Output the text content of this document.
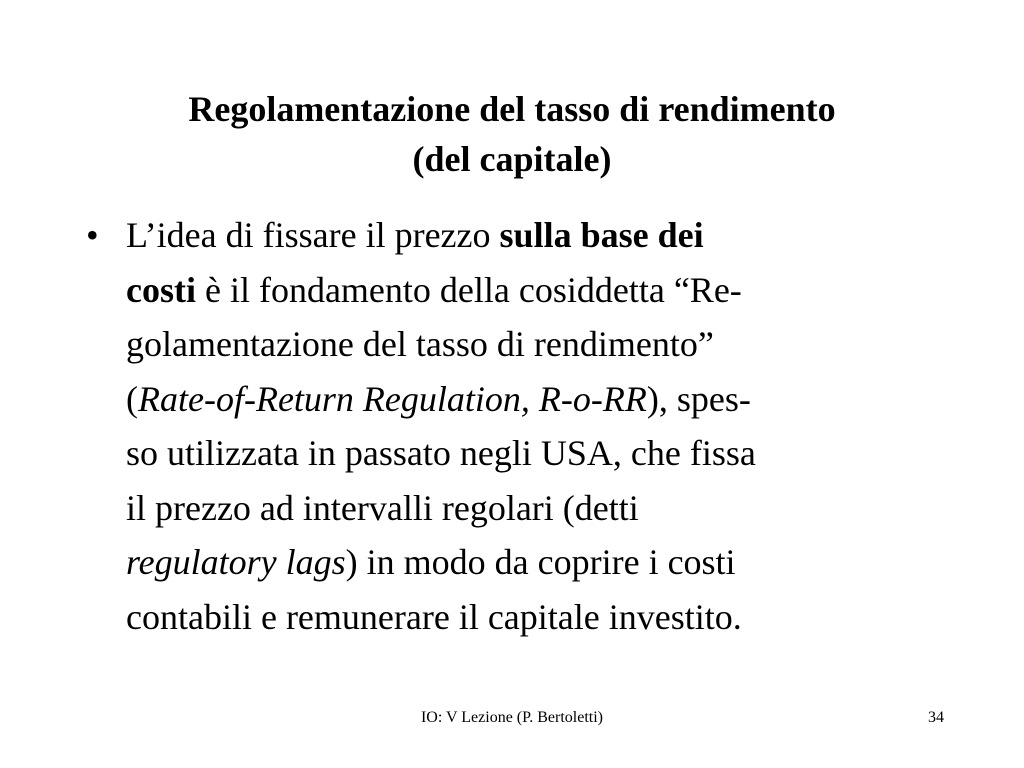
Regolamentazione del tasso di rendimento
(del capitale)
• L’idea di fissare il prezzo sulla base dei
costi è il fondamento della cosiddetta “Re-
golamentazione del tasso di rendimento”
(Rate-of-Return Regulation, R-o-RR), spes-
so utilizzata in passato negli USA, che fissa
il prezzo ad intervalli regolari (detti
regulatory lags) in modo da coprire i costi
contabili e remunerare il capitale investito.
IO: V Lezione (P. Bertoletti)	34
